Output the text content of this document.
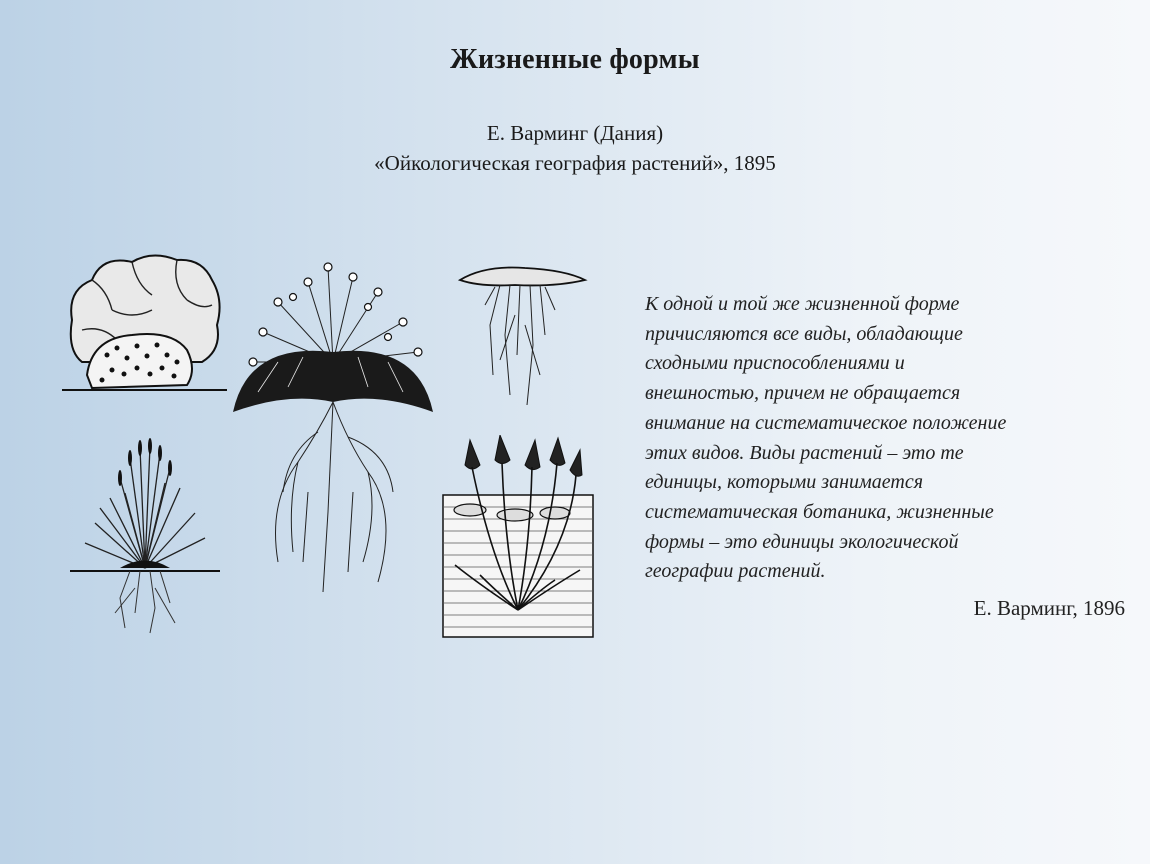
Жизненные формы
Е. Варминг (Дания)
«Ойкологическая география растений», 1895
К одной и той же жизненной форме
причисляются все виды, обладающие
сходными приспособлениями и
внешностью, причем не обращается
внимание на систематическое положение
этих видов. Виды растений – это те
единицы, которыми занимается
систематическая ботаника, жизненные
формы – это единицы экологической
географии растений.
Е. Варминг, 1896
